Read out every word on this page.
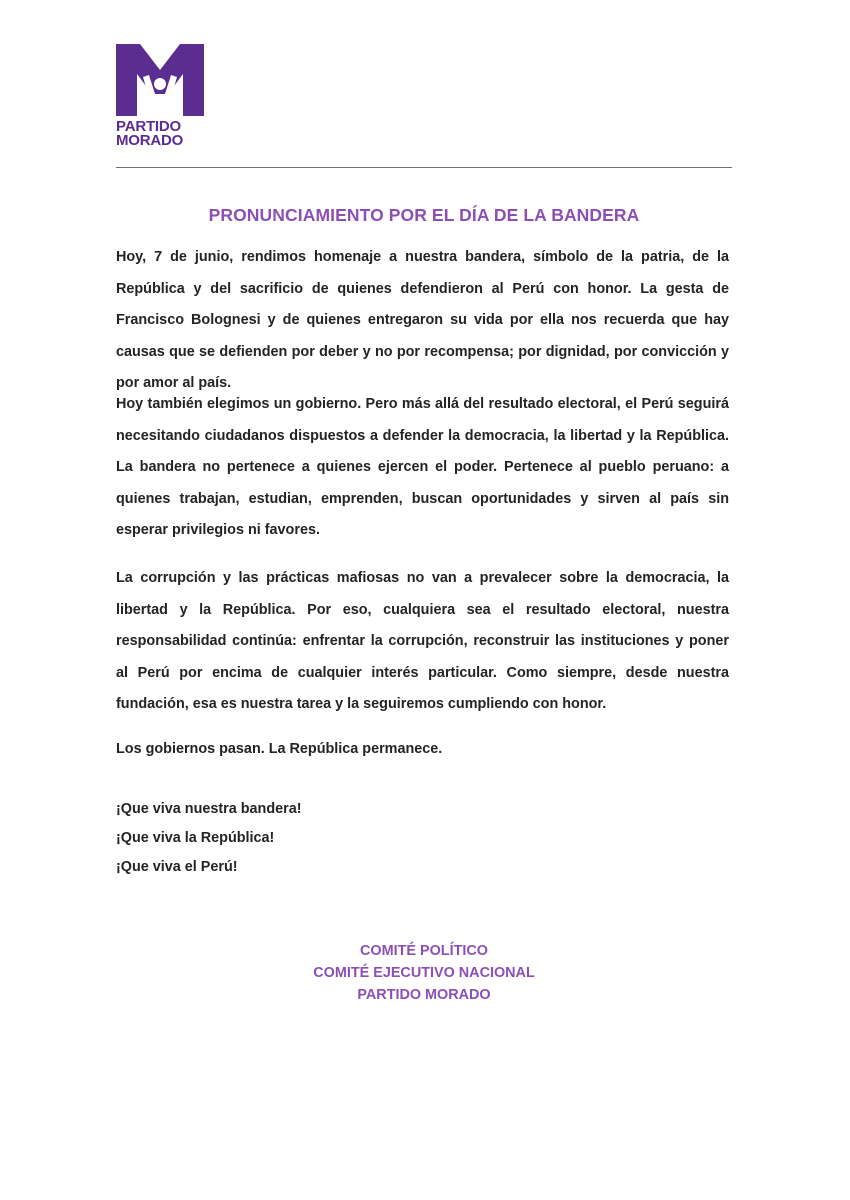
PARTIDO
MORADO
PRONUNCIAMIENTO POR EL DÍA DE LA BANDERA

Hoy, 7 de junio, rendimos homenaje a nuestra bandera, símbolo de la patria, de la República y del sacrificio de quienes defendieron al Perú con honor. La gesta de Francisco Bolognesi y de quienes entregaron su vida por ella nos recuerda que hay causas que se defienden por deber y no por recompensa; por dignidad, por convicción y por amor al país.

Hoy también elegimos un gobierno. Pero más allá del resultado electoral, el Perú seguirá necesitando ciudadanos dispuestos a defender la democracia, la libertad y la República. La bandera no pertenece a quienes ejercen el poder. Pertenece al pueblo peruano: a quienes trabajan, estudian, emprenden, buscan oportunidades y sirven al país sin esperar privilegios ni favores.

La corrupción y las prácticas mafiosas no van a prevalecer sobre la democracia, la libertad y la República. Por eso, cualquiera sea el resultado electoral, nuestra responsabilidad continúa: enfrentar la corrupción, reconstruir las instituciones y poner al Perú por encima de cualquier interés particular. Como siempre, desde nuestra fundación, esa es nuestra tarea y la seguiremos cumpliendo con honor.

Los gobiernos pasan. La República permanece.

¡Que viva nuestra bandera!
¡Que viva la República!
¡Que viva el Perú!
COMITÉ POLÍTICO
COMITÉ EJECUTIVO NACIONAL
PARTIDO MORADO
